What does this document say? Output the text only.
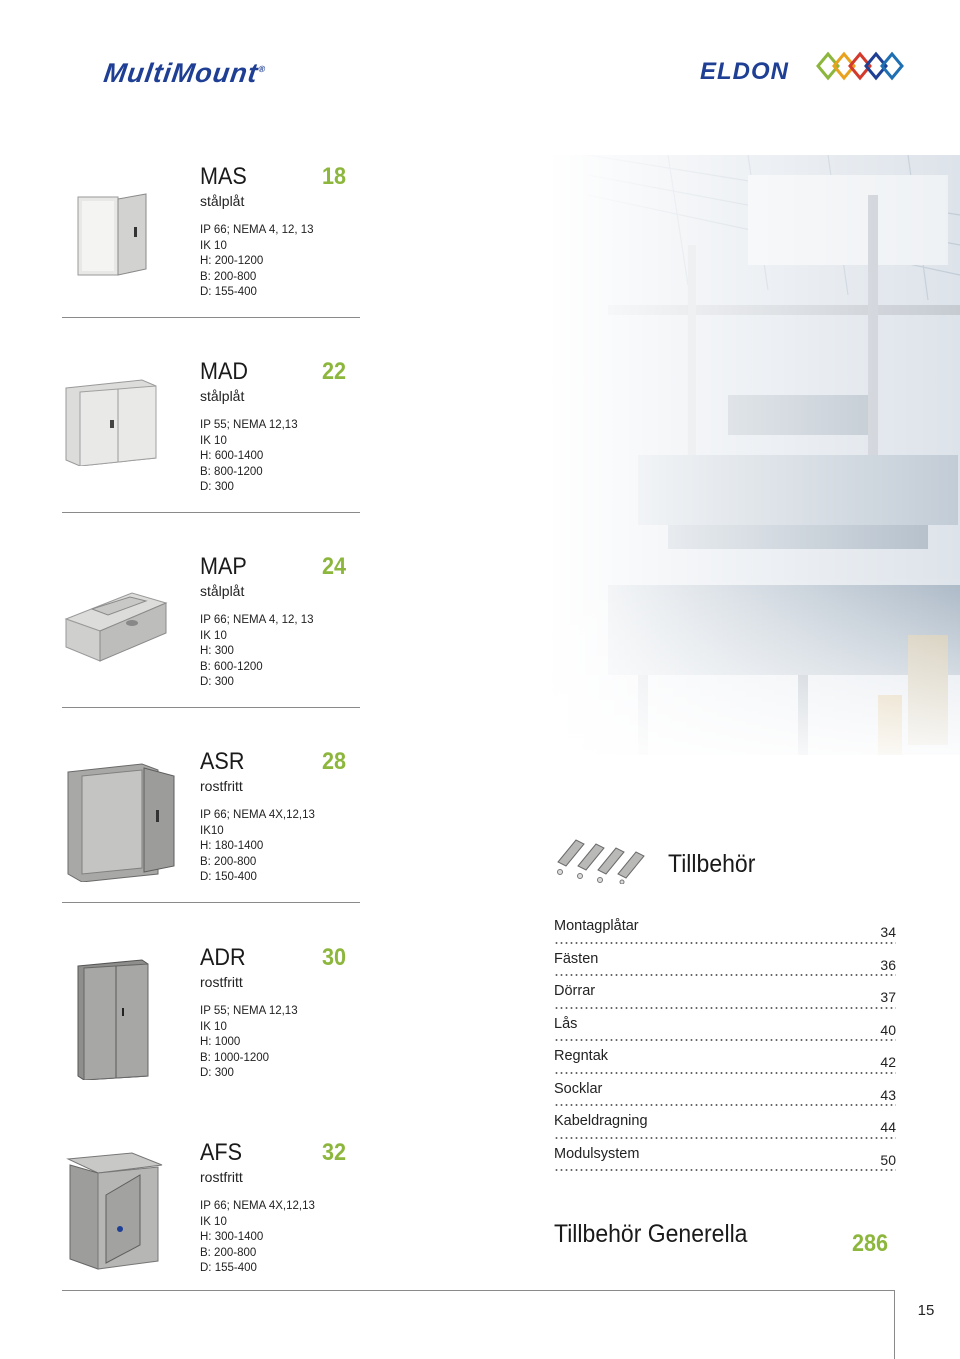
MultiMount®	ELDON
MAS	18
stålplåt
IP 66; NEMA 4, 12, 13
IK 10
H: 200-1200
B: 200-800
D: 155-400
MAD	22
stålplåt
IP 55; NEMA 12,13
IK 10
H: 600-1400
B: 800-1200
D: 300
MAP	24
stålplåt
IP 66; NEMA 4, 12, 13
IK 10
H: 300
B: 600-1200
D: 300
ASR	28
rostfritt
IP 66; NEMA 4X,12,13
IK10
H: 180-1400
B: 200-800
D: 150-400
ADR	30
rostfritt
IP 55; NEMA 12,13
IK 10
H: 1000
B: 1000-1200
D: 300
AFS	32
rostfritt
IP 66; NEMA 4X,12,13
IK 10
H: 300-1400
B: 200-800
D: 155-400
Tillbehör
Montagplåtar	34
Fästen	36
Dörrar	37
Lås	40
Regntak	42
Socklar	43
Kabeldragning	44
Modulsystem	50
Tillbehör Generella	286
15
